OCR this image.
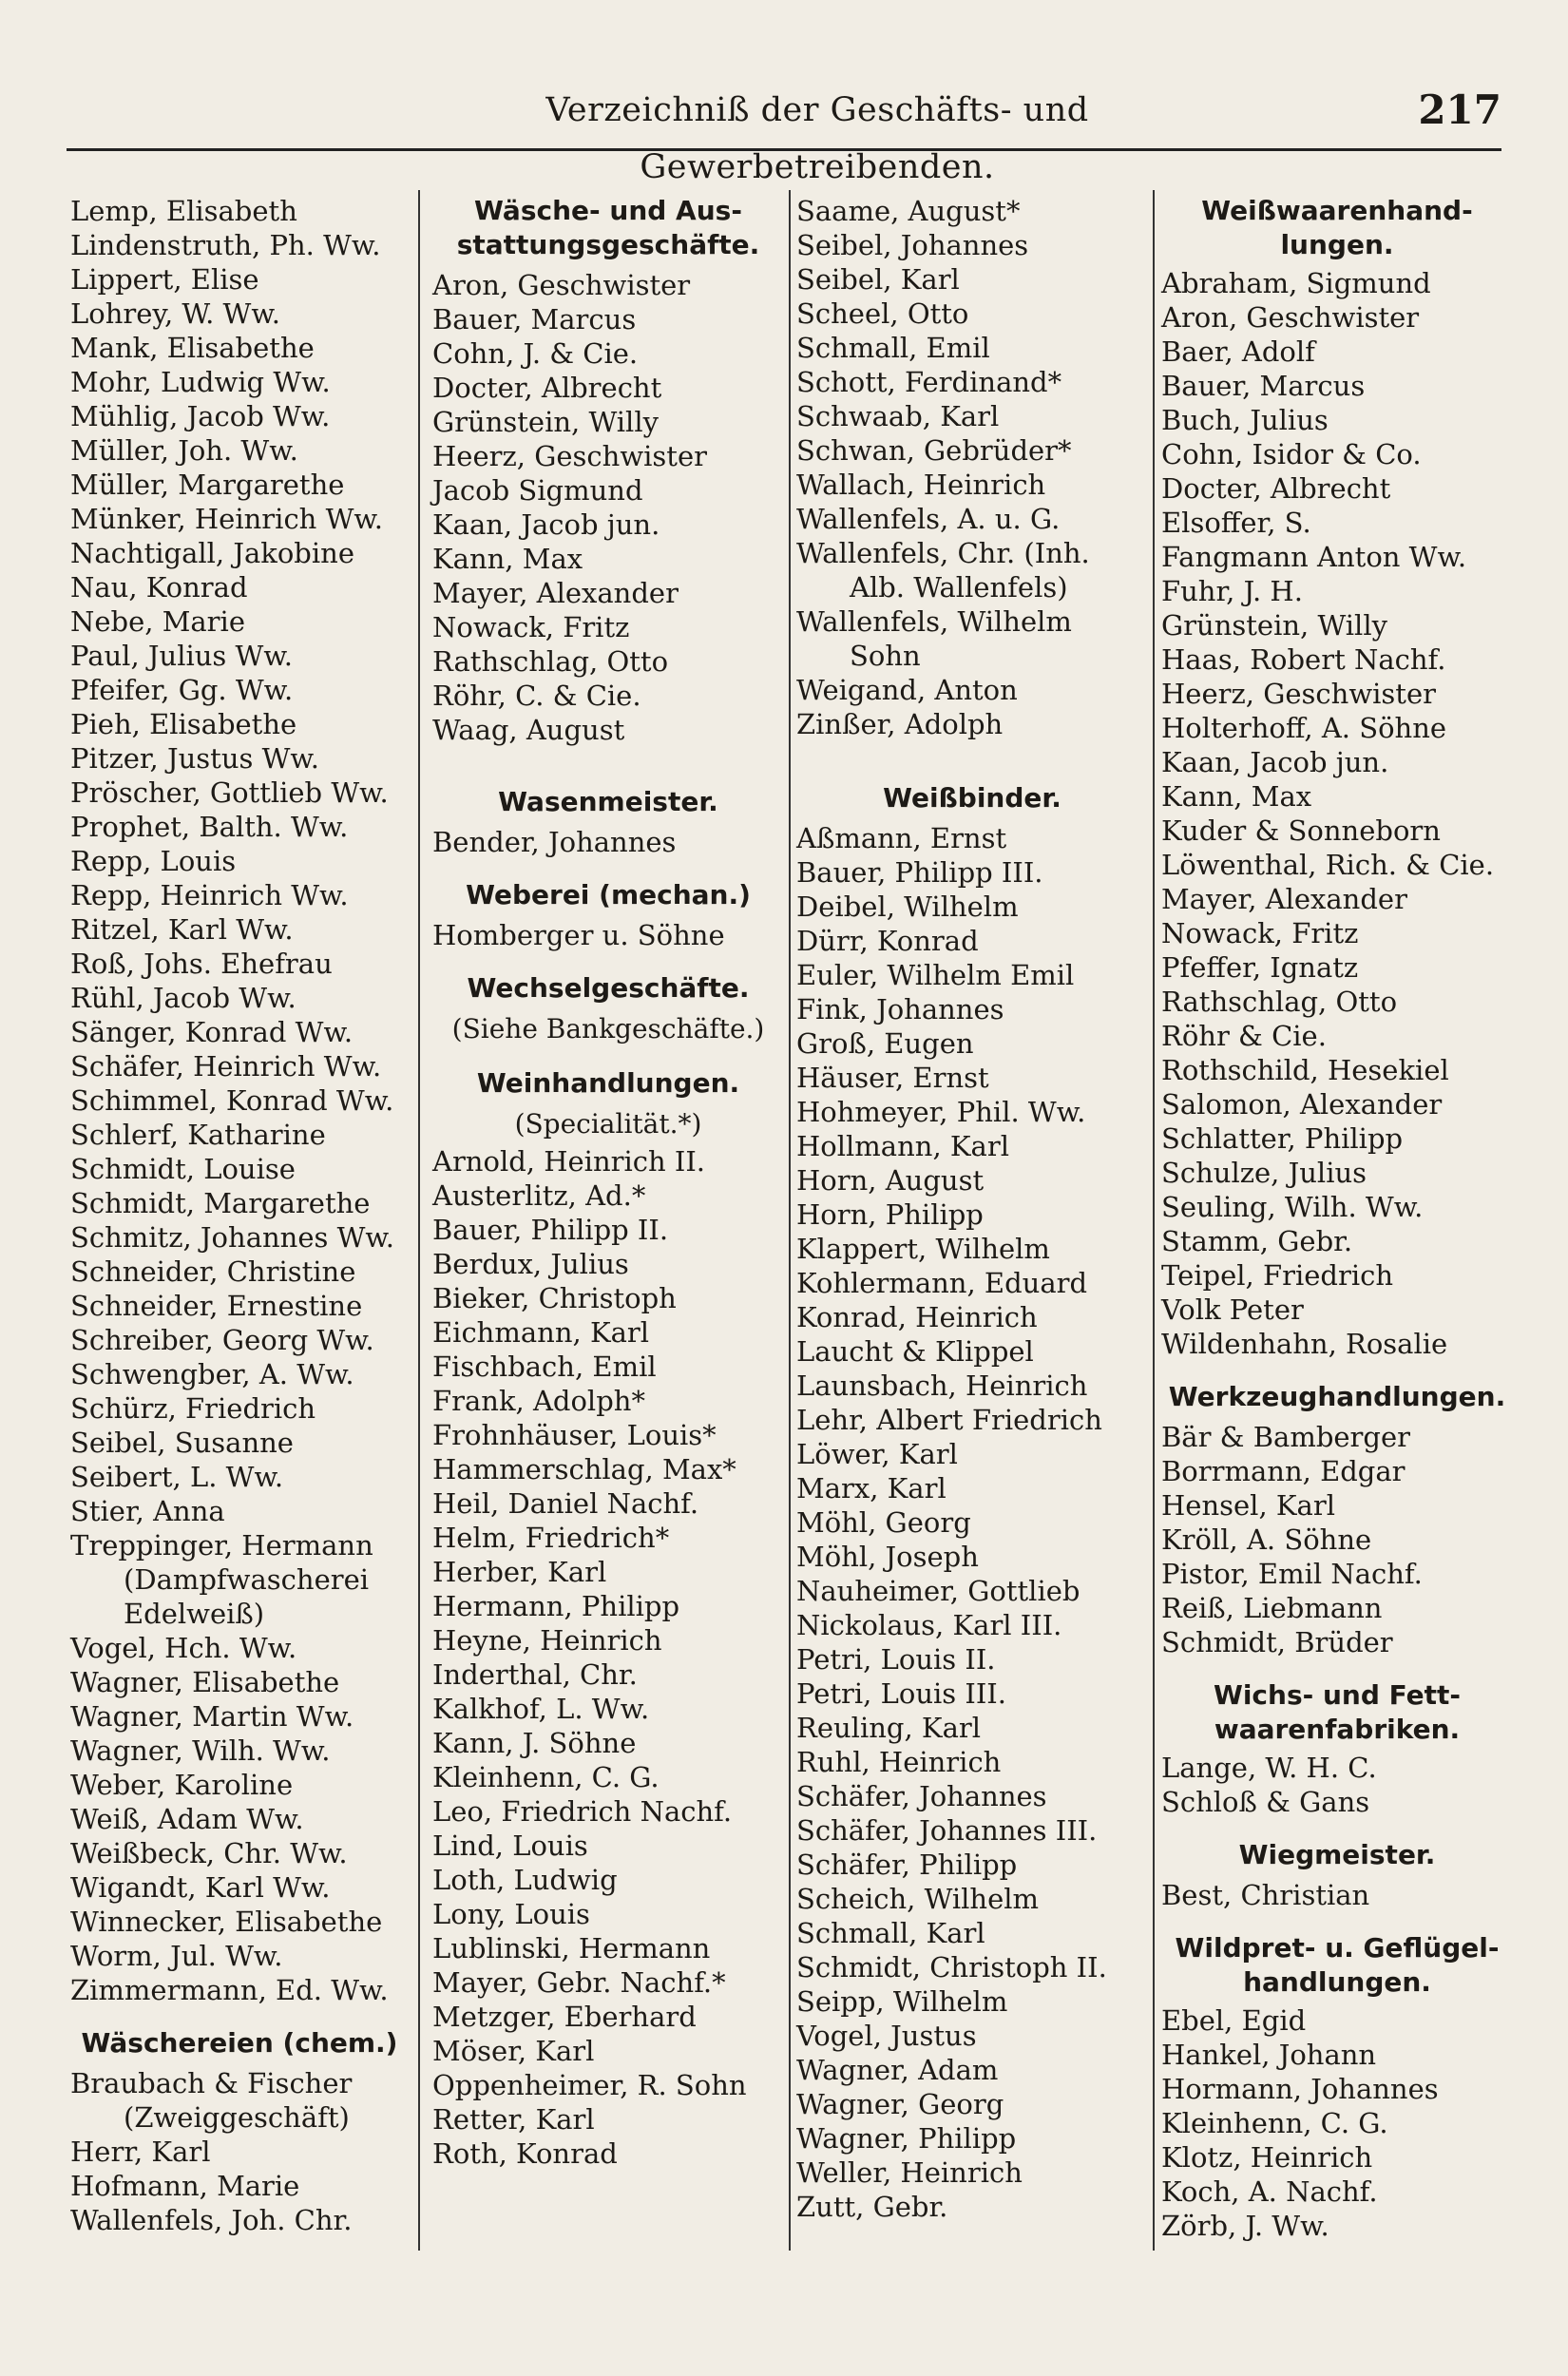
Verzeichniß der Geschäfts- und Gewerbetreibenden.
217
Lemp, Elisabeth
Lindenstruth, Ph. Ww.
Lippert, Elise
Lohrey, W. Ww.
Mank, Elisabethe
Mohr, Ludwig Ww.
Mühlig, Jacob Ww.
Müller, Joh. Ww.
Müller, Margarethe
Münker, Heinrich Ww.
Nachtigall, Jakobine
Nau, Konrad
Nebe, Marie
Paul, Julius Ww.
Pfeifer, Gg. Ww.
Pieh, Elisabethe
Pitzer, Justus Ww.
Pröscher, Gottlieb Ww.
Prophet, Balth. Ww.
Repp, Louis
Repp, Heinrich Ww.
Ritzel, Karl Ww.
Roß, Johs. Ehefrau
Rühl, Jacob Ww.
Sänger, Konrad Ww.
Schäfer, Heinrich Ww.
Schimmel, Konrad Ww.
Schlerf, Katharine
Schmidt, Louise
Schmidt, Margarethe
Schmitz, Johannes Ww.
Schneider, Christine
Schneider, Ernestine
Schreiber, Georg Ww.
Schwengber, A. Ww.
Schürz, Friedrich
Seibel, Susanne
Seibert, L. Ww.
Stier, Anna
Treppinger, Hermann
(Dampfwascherei
Edelweiß)
Vogel, Hch. Ww.
Wagner, Elisabethe
Wagner, Martin Ww.
Wagner, Wilh. Ww.
Weber, Karoline
Weiß, Adam Ww.
Weißbeck, Chr. Ww.
Wigandt, Karl Ww.
Winnecker, Elisabethe
Worm, Jul. Ww.
Zimmermann, Ed. Ww.
Wäschereien (chem.)
Braubach & Fischer
(Zweiggeschäft)
Herr, Karl
Hofmann, Marie
Wallenfels, Joh. Chr.
Wäsche- und Aus-
stattungsgeschäfte.
Aron, Geschwister
Bauer, Marcus
Cohn, J. & Cie.
Docter, Albrecht
Grünstein, Willy
Heerz, Geschwister
Jacob Sigmund
Kaan, Jacob jun.
Kann, Max
Mayer, Alexander
Nowack, Fritz
Rathschlag, Otto
Röhr, C. & Cie.
Waag, August
Wasenmeister.
Bender, Johannes
Weberei (mechan.)
Homberger u. Söhne
Wechselgeschäfte.
(Siehe Bankgeschäfte.)
Weinhandlungen.
(Specialität.*)
Arnold, Heinrich II.
Austerlitz, Ad.*
Bauer, Philipp II.
Berdux, Julius
Bieker, Christoph
Eichmann, Karl
Fischbach, Emil
Frank, Adolph*
Frohnhäuser, Louis*
Hammerschlag, Max*
Heil, Daniel Nachf.
Helm, Friedrich*
Herber, Karl
Hermann, Philipp
Heyne, Heinrich
Inderthal, Chr.
Kalkhof, L. Ww.
Kann, J. Söhne
Kleinhenn, C. G.
Leo, Friedrich Nachf.
Lind, Louis
Loth, Ludwig
Lony, Louis
Lublinski, Hermann
Mayer, Gebr. Nachf.*
Metzger, Eberhard
Möser, Karl
Oppenheimer, R. Sohn
Retter, Karl
Roth, Konrad
Saame, August*
Seibel, Johannes
Seibel, Karl
Scheel, Otto
Schmall, Emil
Schott, Ferdinand*
Schwaab, Karl
Schwan, Gebrüder*
Wallach, Heinrich
Wallenfels, A. u. G.
Wallenfels, Chr. (Inh.
Alb. Wallenfels)
Wallenfels, Wilhelm
Sohn
Weigand, Anton
Zinßer, Adolph
Weißbinder.
Aßmann, Ernst
Bauer, Philipp III.
Deibel, Wilhelm
Dürr, Konrad
Euler, Wilhelm Emil
Fink, Johannes
Groß, Eugen
Häuser, Ernst
Hohmeyer, Phil. Ww.
Hollmann, Karl
Horn, August
Horn, Philipp
Klappert, Wilhelm
Kohlermann, Eduard
Konrad, Heinrich
Laucht & Klippel
Launsbach, Heinrich
Lehr, Albert Friedrich
Löwer, Karl
Marx, Karl
Möhl, Georg
Möhl, Joseph
Nauheimer, Gottlieb
Nickolaus, Karl III.
Petri, Louis II.
Petri, Louis III.
Reuling, Karl
Ruhl, Heinrich
Schäfer, Johannes
Schäfer, Johannes III.
Schäfer, Philipp
Scheich, Wilhelm
Schmall, Karl
Schmidt, Christoph II.
Seipp, Wilhelm
Vogel, Justus
Wagner, Adam
Wagner, Georg
Wagner, Philipp
Weller, Heinrich
Zutt, Gebr.
Weißwaarenhand-
lungen.
Abraham, Sigmund
Aron, Geschwister
Baer, Adolf
Bauer, Marcus
Buch, Julius
Cohn, Isidor & Co.
Docter, Albrecht
Elsoffer, S.
Fangmann Anton Ww.
Fuhr, J. H.
Grünstein, Willy
Haas, Robert Nachf.
Heerz, Geschwister
Holterhoff, A. Söhne
Kaan, Jacob jun.
Kann, Max
Kuder & Sonneborn
Löwenthal, Rich. & Cie.
Mayer, Alexander
Nowack, Fritz
Pfeffer, Ignatz
Rathschlag, Otto
Röhr & Cie.
Rothschild, Hesekiel
Salomon, Alexander
Schlatter, Philipp
Schulze, Julius
Seuling, Wilh. Ww.
Stamm, Gebr.
Teipel, Friedrich
Volk Peter
Wildenhahn, Rosalie
Werkzeughandlungen.
Bär & Bamberger
Borrmann, Edgar
Hensel, Karl
Kröll, A. Söhne
Pistor, Emil Nachf.
Reiß, Liebmann
Schmidt, Brüder
Wichs- und Fett-
waarenfabriken.
Lange, W. H. C.
Schloß & Gans
Wiegmeister.
Best, Christian
Wildpret- u. Geflügel-
handlungen.
Ebel, Egid
Hankel, Johann
Hormann, Johannes
Kleinhenn, C. G.
Klotz, Heinrich
Koch, A. Nachf.
Zörb, J. Ww.
